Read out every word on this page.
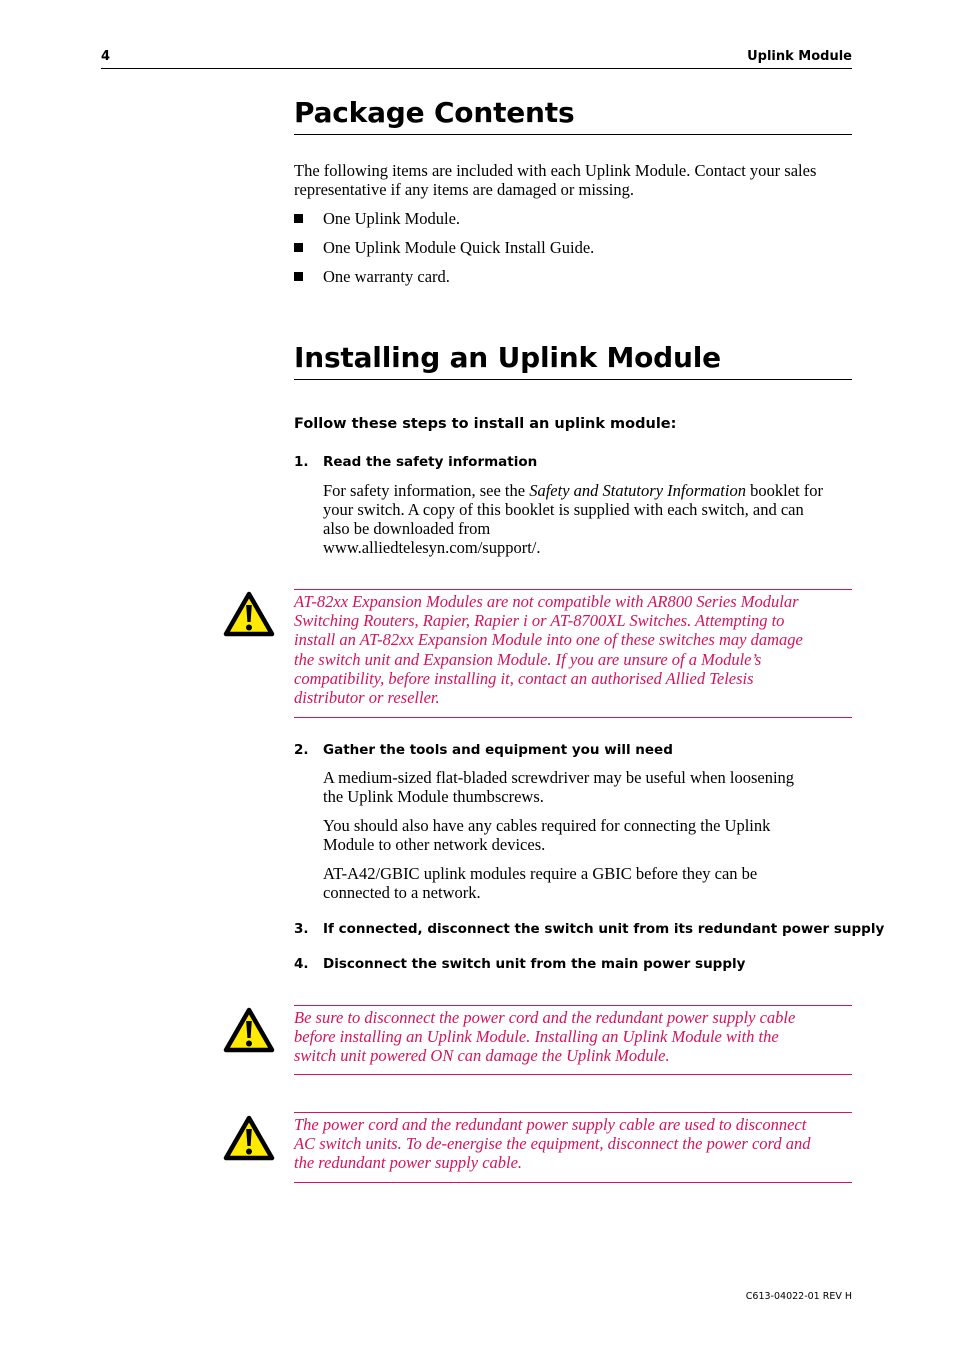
4	Uplink Module
Package Contents
The following items are included with each Uplink Module. Contact your sales
representative if any items are damaged or missing.
One Uplink Module.
One Uplink Module Quick Install Guide.
One warranty card.
Installing an Uplink Module
Follow these steps to install an uplink module:
1. Read the safety information
For safety information, see the Safety and Statutory Information booklet for
your switch. A copy of this booklet is supplied with each switch, and can
also be downloaded from
www.alliedtelesyn.com/support/.
AT-82xx Expansion Modules are not compatible with AR800 Series Modular
Switching Routers, Rapier, Rapier i or AT-8700XL Switches. Attempting to
install an AT-82xx Expansion Module into one of these switches may damage
the switch unit and Expansion Module. If you are unsure of a Module’s
compatibility, before installing it, contact an authorised Allied Telesis
distributor or reseller.
2. Gather the tools and equipment you will need
A medium-sized flat-bladed screwdriver may be useful when loosening
the Uplink Module thumbscrews.
You should also have any cables required for connecting the Uplink
Module to other network devices.
AT-A42/GBIC uplink modules require a GBIC before they can be
connected to a network.
3. If connected, disconnect the switch unit from its redundant power supply
4. Disconnect the switch unit from the main power supply
Be sure to disconnect the power cord and the redundant power supply cable
before installing an Uplink Module. Installing an Uplink Module with the
switch unit powered ON can damage the Uplink Module.
The power cord and the redundant power supply cable are used to disconnect
AC switch units. To de-energise the equipment, disconnect the power cord and
the redundant power supply cable.
C613-04022-01 REV H
